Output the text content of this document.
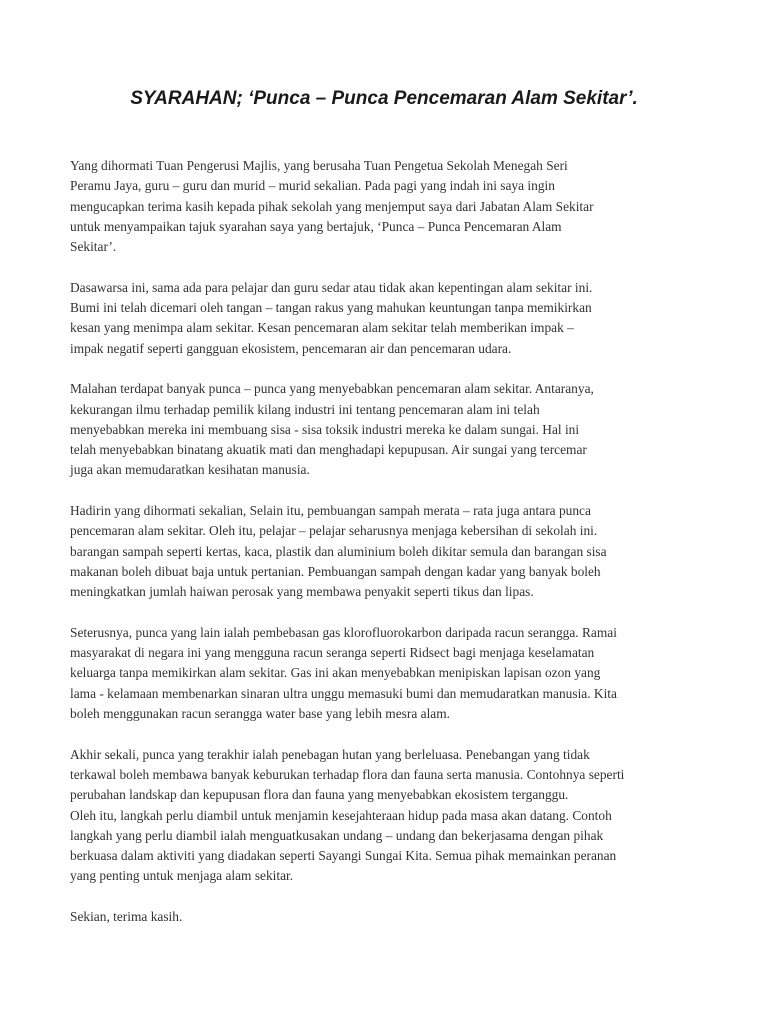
SYARAHAN; ‘Punca – Punca Pencemaran Alam Sekitar’.

Yang dihormati Tuan Pengerusi Majlis, yang berusaha Tuan Pengetua Sekolah Menegah Seri
Peramu Jaya, guru – guru dan murid – murid sekalian. Pada pagi yang indah ini saya ingin
mengucapkan terima kasih kepada pihak sekolah yang menjemput saya dari Jabatan Alam Sekitar
untuk menyampaikan tajuk syarahan saya yang bertajuk, ‘Punca – Punca Pencemaran Alam
Sekitar’.

Dasawarsa ini, sama ada para pelajar dan guru sedar atau tidak akan kepentingan alam sekitar ini.
Bumi ini telah dicemari oleh tangan – tangan rakus yang mahukan keuntungan tanpa memikirkan
kesan yang menimpa alam sekitar. Kesan pencemaran alam sekitar telah memberikan impak –
impak negatif seperti gangguan ekosistem, pencemaran air dan pencemaran udara.

Malahan terdapat banyak punca – punca yang menyebabkan pencemaran alam sekitar. Antaranya,
kekurangan ilmu terhadap pemilik kilang industri ini tentang pencemaran alam ini telah
menyebabkan mereka ini membuang sisa - sisa toksik industri mereka ke dalam sungai. Hal ini
telah menyebabkan binatang akuatik mati dan menghadapi kepupusan. Air sungai yang tercemar
juga akan memudaratkan kesihatan manusia.

Hadirin yang dihormati sekalian, Selain itu, pembuangan sampah merata – rata juga antara punca
pencemaran alam sekitar. Oleh itu, pelajar – pelajar seharusnya menjaga kebersihan di sekolah ini.
barangan sampah seperti kertas, kaca, plastik dan aluminium boleh dikitar semula dan barangan sisa
makanan boleh dibuat baja untuk pertanian. Pembuangan sampah dengan kadar yang banyak boleh
meningkatkan jumlah haiwan perosak yang membawa penyakit seperti tikus dan lipas.

Seterusnya, punca yang lain ialah pembebasan gas klorofluorokarbon daripada racun serangga. Ramai
masyarakat di negara ini yang mengguna racun seranga seperti Ridsect bagi menjaga keselamatan
keluarga tanpa memikirkan alam sekitar. Gas ini akan menyebabkan menipiskan lapisan ozon yang
lama - kelamaan membenarkan sinaran ultra unggu memasuki bumi dan memudaratkan manusia. Kita
boleh menggunakan racun serangga water base yang lebih mesra alam.

Akhir sekali, punca yang terakhir ialah penebagan hutan yang berleluasa. Penebangan yang tidak
terkawal boleh membawa banyak keburukan terhadap flora dan fauna serta manusia. Contohnya seperti
perubahan landskap dan kepupusan flora dan fauna yang menyebabkan ekosistem terganggu.

Oleh itu, langkah perlu diambil untuk menjamin kesejahteraan hidup pada masa akan datang. Contoh
langkah yang perlu diambil ialah menguatkusakan undang – undang dan bekerjasama dengan pihak
berkuasa dalam aktiviti yang diadakan seperti Sayangi Sungai Kita. Semua pihak memainkan peranan
yang penting untuk menjaga alam sekitar.

Sekian, terima kasih.
